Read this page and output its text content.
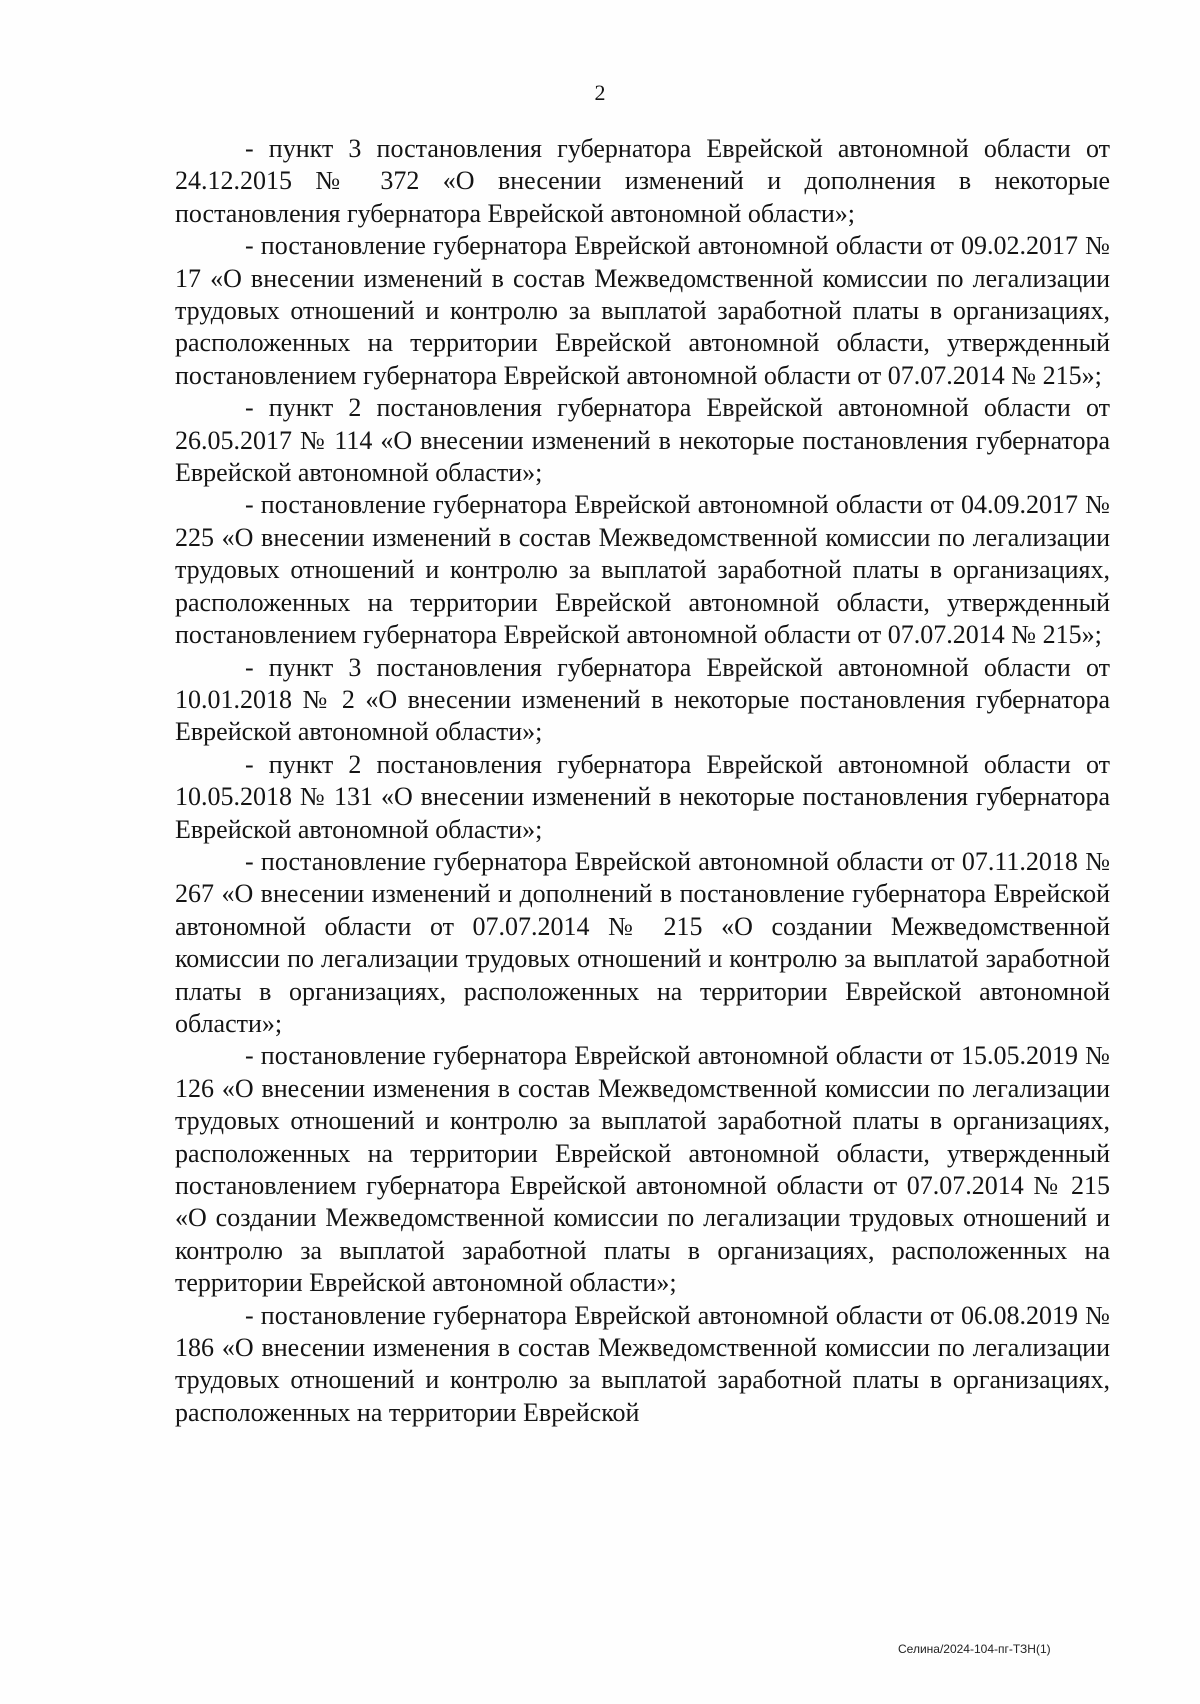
2

- пункт 3 постановления губернатора Еврейской автономной области от 24.12.2015 № 372 «О внесении изменений и дополнения в некоторые постановления губернатора Еврейской автономной области»;

- постановление губернатора Еврейской автономной области от 09.02.2017 № 17 «О внесении изменений в состав Межведомственной комиссии по легализации трудовых отношений и контролю за выплатой заработной платы в организациях, расположенных на территории Еврейской автономной области, утвержденный постановлением губернатора Еврейской автономной области от 07.07.2014 № 215»;

- пункт 2 постановления губернатора Еврейской автономной области от 26.05.2017 № 114 «О внесении изменений в некоторые постановления губернатора Еврейской автономной области»;

- постановление губернатора Еврейской автономной области от 04.09.2017 № 225 «О внесении изменений в состав Межведомственной комиссии по легализации трудовых отношений и контролю за выплатой заработной платы в организациях, расположенных на территории Еврейской автономной области, утвержденный постановлением губернатора Еврейской автономной области от 07.07.2014 № 215»;

- пункт 3 постановления губернатора Еврейской автономной области от 10.01.2018 № 2 «О внесении изменений в некоторые постановления губернатора Еврейской автономной области»;

- пункт 2 постановления губернатора Еврейской автономной области от 10.05.2018 № 131 «О внесении изменений в некоторые постановления губернатора Еврейской автономной области»;

- постановление губернатора Еврейской автономной области от 07.11.2018 № 267 «О внесении изменений и дополнений в постановление губернатора Еврейской автономной области от 07.07.2014 № 215 «О создании Межведомственной комиссии по легализации трудовых отношений и контролю за выплатой заработной платы в организациях, расположенных на территории Еврейской автономной области»;

- постановление губернатора Еврейской автономной области от 15.05.2019 № 126 «О внесении изменения в состав Межведомственной комиссии по легализации трудовых отношений и контролю за выплатой заработной платы в организациях, расположенных на территории Еврейской автономной области, утвержденный постановлением губернатора Еврейской автономной области от 07.07.2014 № 215 «О создании Межведомственной комиссии по легализации трудовых отношений и контролю за выплатой заработной платы в организациях, расположенных на территории Еврейской автономной области»;

- постановление губернатора Еврейской автономной области от 06.08.2019 № 186 «О внесении изменения в состав Межведомственной комиссии по легализации трудовых отношений и контролю за выплатой заработной платы в организациях, расположенных на территории Еврейской

Селина/2024-104-пг-ТЗН(1)
